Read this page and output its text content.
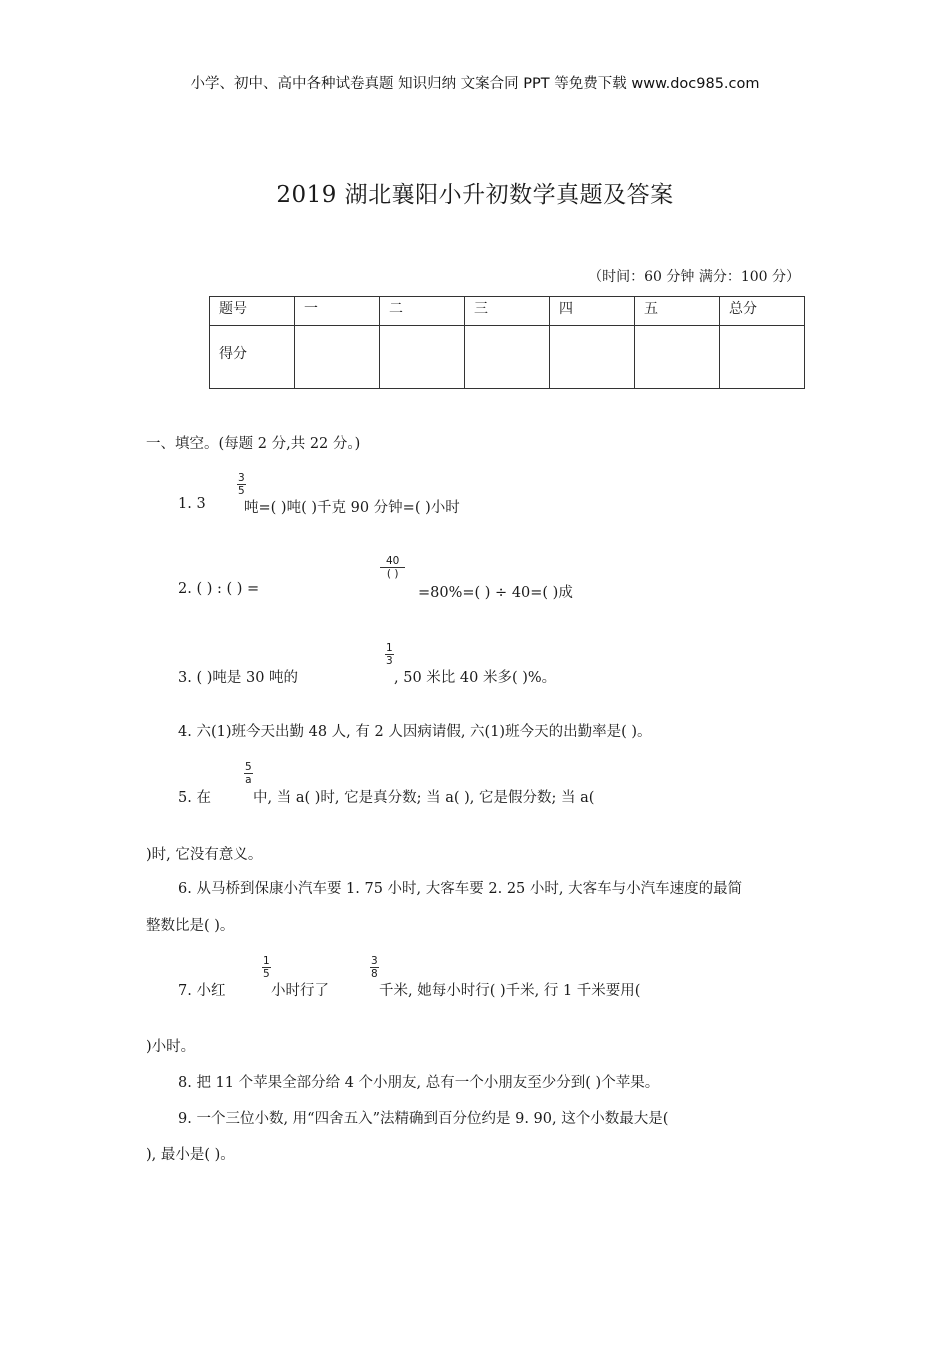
小学、初中、高中各种试卷真题 知识归纳 文案合同 PPT 等免费下载 www.doc985.com
2019 湖北襄阳小升初数学真题及答案
（时间：60 分钟 满分：100 分）
题号	一	二	三	四	五	总分
得分						
一、填空。(每题 2 分,共 22 分。)
1. 3
$\frac{3}{5}$
吨=( )吨( )千克 90 分钟=( )小时
2. ( ) : ( ) =
40
( )
=80%=( ) ÷ 40=( )成
3. ( )吨是 30 吨的
$\frac{1}{3}$
, 50 米比 40 米多( )%。
4. 六(1)班今天出勤 48 人, 有 2 人因病请假, 六(1)班今天的出勤率是( )。
5. 在
$\frac{5}{a}$
中, 当 a( )时, 它是真分数; 当 a( ), 它是假分数; 当 a(
)时, 它没有意义。
6. 从马桥到保康小汽车要 1. 75 小时, 大客车要 2. 25 小时, 大客车与小汽车速度的最简
整数比是( )。
7. 小红
$\frac{1}{5}$
小时行了
$\frac{3}{8}$
千米, 她每小时行( )千米, 行 1 千米要用(
)小时。
8. 把 11 个苹果全部分给 4 个小朋友, 总有一个小朋友至少分到( )个苹果。
9. 一个三位小数, 用“四舍五入”法精确到百分位约是 9. 90, 这个小数最大是(
), 最小是( )。
